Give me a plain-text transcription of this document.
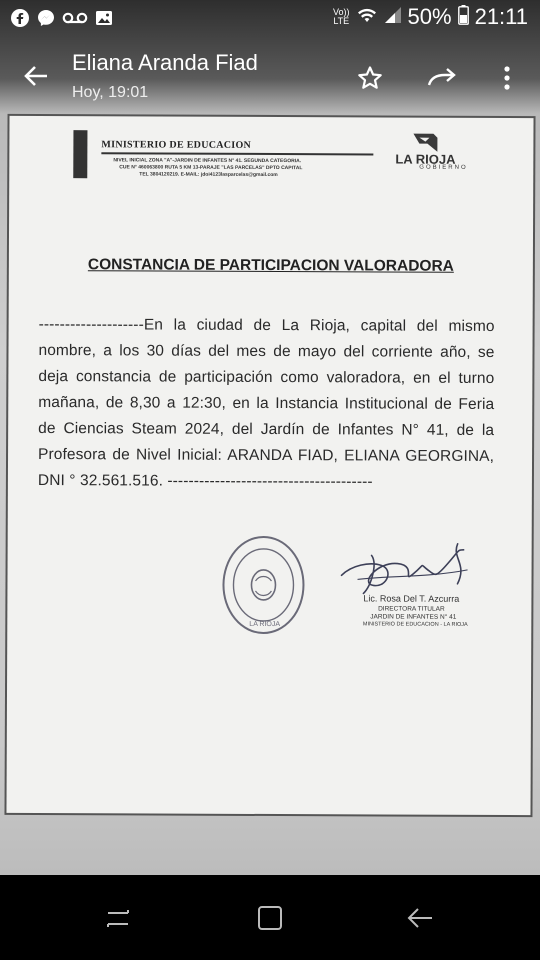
Vo))
LTE	50% 21:11
Eliana Aranda Fiad
Hoy, 19:01
MINISTERIO DE EDUCACION
NIVEL INICIAL ZONA "A"-JARDIN DE INFANTES N° 41. SEGUNDA CATEGORIA.
CUE N° 460063800 RUTA 5 KM 13-PARAJE "LAS PARCELAS" DPTO CAPITAL
TEL 3804120219. E-MAIL: jdoi4123lasparcelas@gmail.com
LA RIOJA
GOBIERNO
CONSTANCIA DE PARTICIPACION VALORADORA
--------------------En la ciudad de La Rioja, capital del mismo nombre, a los 30 días del mes de mayo del corriente año, se deja constancia de participación como valoradora, en el turno mañana, de 8,30 a 12:30, en la Instancia Institucional de Feria de Ciencias Steam 2024, del Jardín de Infantes N° 41, de la Profesora de Nivel Inicial: ARANDA FIAD, ELIANA GEORGINA, DNI ° 32.561.516. ---------------------------------------
LA RIOJA
Lic. Rosa Del T. Azcurra
DIRECTORA TITULAR
JARDIN DE INFANTES N° 41
MINISTERIO DE EDUCACION - LA RIOJA
